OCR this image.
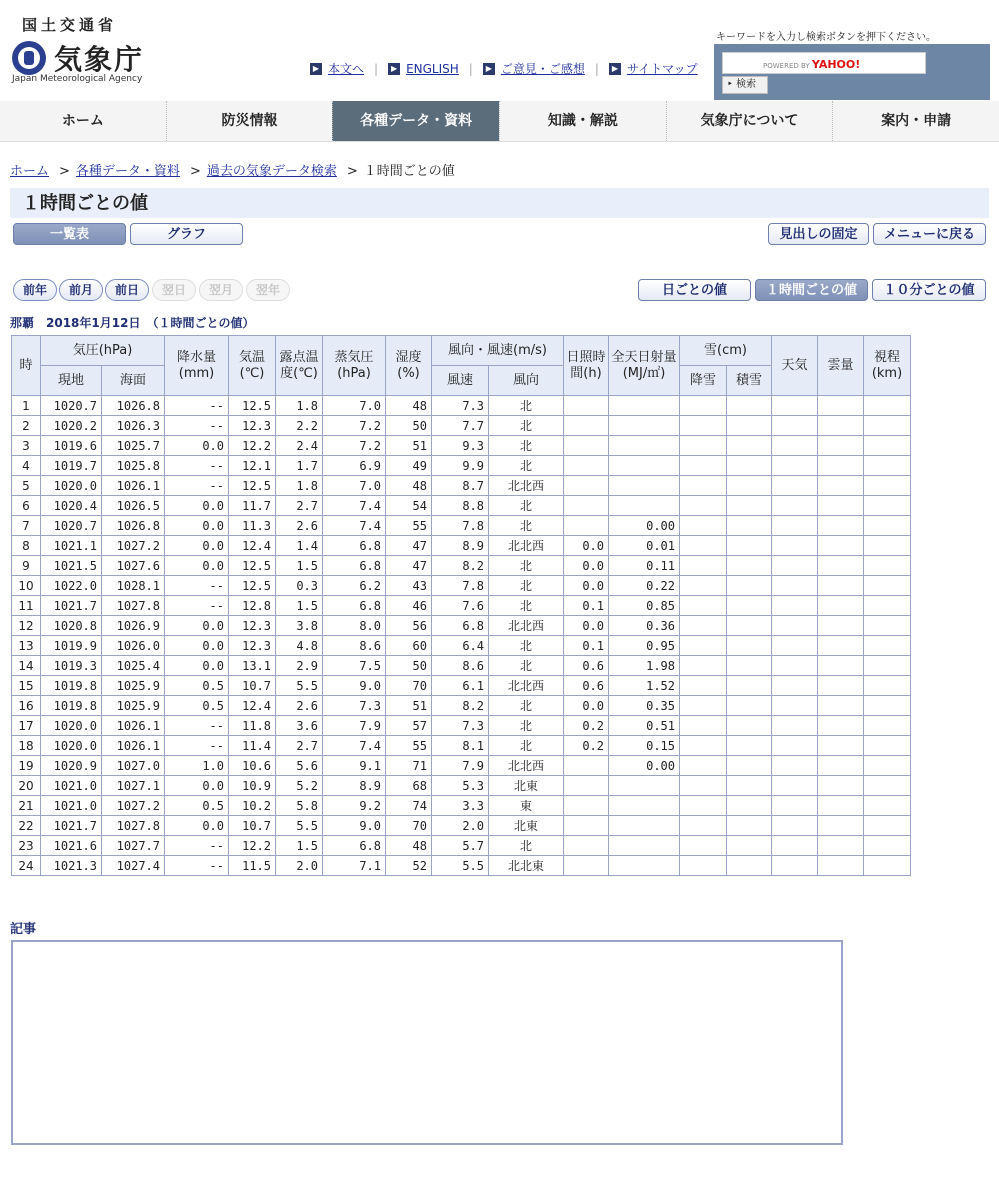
国土交通省
気象庁
Japan Meteorological Agency
▶ 本文へ |	▶ ENGLISH |	▶ ご意見・ご感想 |	▶ サイトマップ
キーワードを入力し検索ボタンを押下ください。
POWERED BY YAHOO!
‣ 検索
ホーム	防災情報	各種データ・資料	知識・解説	気象庁について	案内・申請
ホーム > 各種データ・資料 > 過去の気象データ検索 > １時間ごとの値
１時間ごとの値
一覧表	グラフ	見出しの固定	メニューに戻る
前年	前月	前日	翌日	翌月	翌年	日ごとの値	１時間ごとの値	１０分ごとの値
那覇　2018年1月12日　（１時間ごとの値）
時	気圧(hPa)		降水量(mm)	気温(℃)	露点温度(℃)	蒸気圧(hPa)	湿度(%)	風向・風速(m/s)		日照時間(h)	全天日射量(MJ/㎡)	雪(cm)		天気	雲量	視程(km)
	現地	海面						風速	風向			降雪	積雪			
1	1020.7	1026.8	--	12.5	1.8	7.0	48	7.3	北							
2	1020.2	1026.3	--	12.3	2.2	7.2	50	7.7	北							
3	1019.6	1025.7	0.0	12.2	2.4	7.2	51	9.3	北							
4	1019.7	1025.8	--	12.1	1.7	6.9	49	9.9	北							
5	1020.0	1026.1	--	12.5	1.8	7.0	48	8.7	北北西							
6	1020.4	1026.5	0.0	11.7	2.7	7.4	54	8.8	北							
7	1020.7	1026.8	0.0	11.3	2.6	7.4	55	7.8	北		0.00					
8	1021.1	1027.2	0.0	12.4	1.4	6.8	47	8.9	北北西	0.0	0.01					
9	1021.5	1027.6	0.0	12.5	1.5	6.8	47	8.2	北	0.0	0.11					
10	1022.0	1028.1	--	12.5	0.3	6.2	43	7.8	北	0.0	0.22					
11	1021.7	1027.8	--	12.8	1.5	6.8	46	7.6	北	0.1	0.85					
12	1020.8	1026.9	0.0	12.3	3.8	8.0	56	6.8	北北西	0.0	0.36					
13	1019.9	1026.0	0.0	12.3	4.8	8.6	60	6.4	北	0.1	0.95					
14	1019.3	1025.4	0.0	13.1	2.9	7.5	50	8.6	北	0.6	1.98					
15	1019.8	1025.9	0.5	10.7	5.5	9.0	70	6.1	北北西	0.6	1.52					
16	1019.8	1025.9	0.5	12.4	2.6	7.3	51	8.2	北	0.0	0.35					
17	1020.0	1026.1	--	11.8	3.6	7.9	57	7.3	北	0.2	0.51					
18	1020.0	1026.1	--	11.4	2.7	7.4	55	8.1	北	0.2	0.15					
19	1020.9	1027.0	1.0	10.6	5.6	9.1	71	7.9	北北西		0.00					
20	1021.0	1027.1	0.0	10.9	5.2	8.9	68	5.3	北東							
21	1021.0	1027.2	0.5	10.2	5.8	9.2	74	3.3	東							
22	1021.7	1027.8	0.0	10.7	5.5	9.0	70	2.0	北東							
23	1021.6	1027.7	--	12.2	1.5	6.8	48	5.7	北							
24	1021.3	1027.4	--	11.5	2.0	7.1	52	5.5	北北東							
記事
